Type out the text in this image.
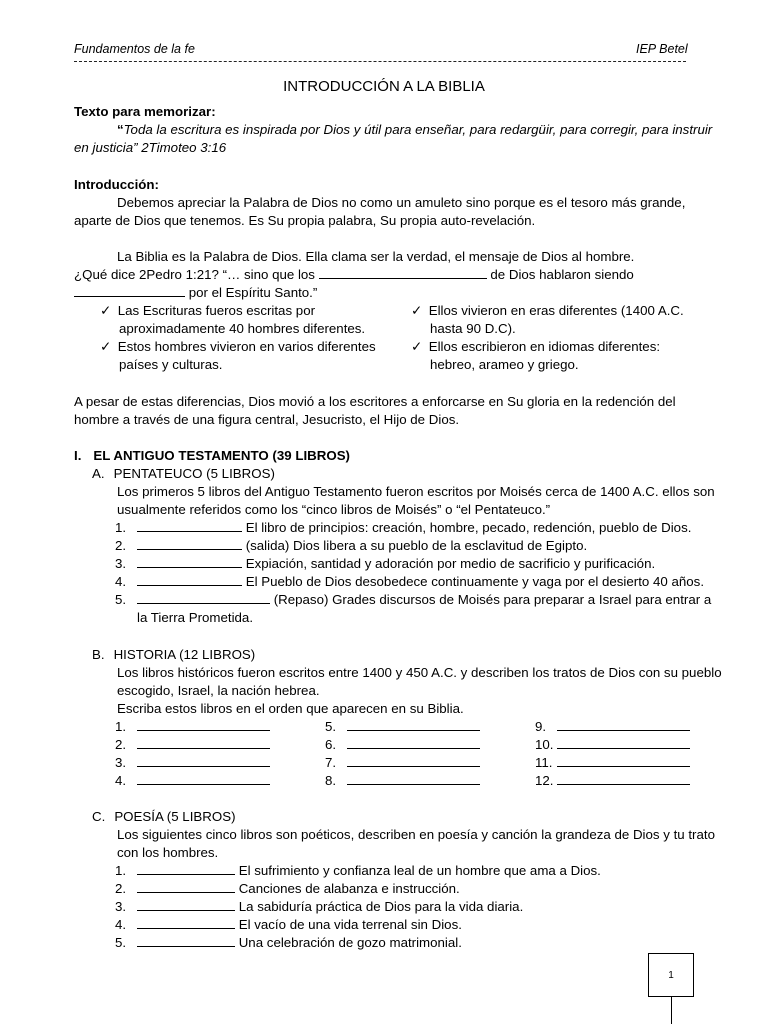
Fundamentos de la fe	IEP Betel
INTRODUCCIÓN A LA BIBLIA
Texto para memorizar:
“Toda la escritura es inspirada por Dios y útil para enseñar, para redargüir, para corregir, para instruir
en justicia” 2Timoteo 3:16
Introducción:
Debemos apreciar la Palabra de Dios no como un amuleto sino porque es el tesoro más grande,
aparte de Dios que tenemos. Es Su propia palabra, Su propia auto-revelación.
La Biblia es la Palabra de Dios. Ella clama ser la verdad, el mensaje de Dios al hombre.
¿Qué dice 2Pedro 1:21? “… sino que los	de Dios hablaron siendo
por el Espíritu Santo.”
✓ Las Escrituras fueros escritas por
aproximadamente 40 hombres diferentes.
✓ Estos hombres vivieron en varios diferentes
países y culturas.
✓ Ellos vivieron en eras diferentes (1400 A.C.
hasta 90 D.C).
✓ Ellos escribieron en idiomas diferentes:
hebreo, arameo y griego.
A pesar de estas diferencias, Dios movió a los escritores a enforcarse en Su gloria en la redención del
hombre a través de una figura central, Jesucristo, el Hijo de Dios.
I. EL ANTIGUO TESTAMENTO (39 LIBROS)
A. PENTATEUCO (5 LIBROS)
Los primeros 5 libros del Antiguo Testamento fueron escritos por Moisés cerca de 1400 A.C. ellos son
usualmente referidos como los “cinco libros de Moisés” o “el Pentateuco.”
1.	El libro de principios: creación, hombre, pecado, redención, pueblo de Dios.
2.	(salida) Dios libera a su pueblo de la esclavitud de Egipto.
3.	Expiación, santidad y adoración por medio de sacrificio y purificación.
4.	El Pueblo de Dios desobedece continuamente y vaga por el desierto 40 años.
5.	(Repaso) Grades discursos de Moisés para preparar a Israel para entrar a
la Tierra Prometida.
B. HISTORIA (12 LIBROS)
Los libros históricos fueron escritos entre 1400 y 450 A.C. y describen los tratos de Dios con su pueblo
escogido, Israel, la nación hebrea.
Escriba estos libros en el orden que aparecen en su Biblia.
1.
2.
3.
4.
5.
6.
7.
8.
9.
10.
11.
12.
C. POESÍA (5 LIBROS)
Los siguientes cinco libros son poéticos, describen en poesía y canción la grandeza de Dios y tu trato
con los hombres.
1.	El sufrimiento y confianza leal de un hombre que ama a Dios.
2.	Canciones de alabanza e instrucción.
3.	La sabiduría práctica de Dios para la vida diaria.
4.	El vacío de una vida terrenal sin Dios.
5.	Una celebración de gozo matrimonial.
1
